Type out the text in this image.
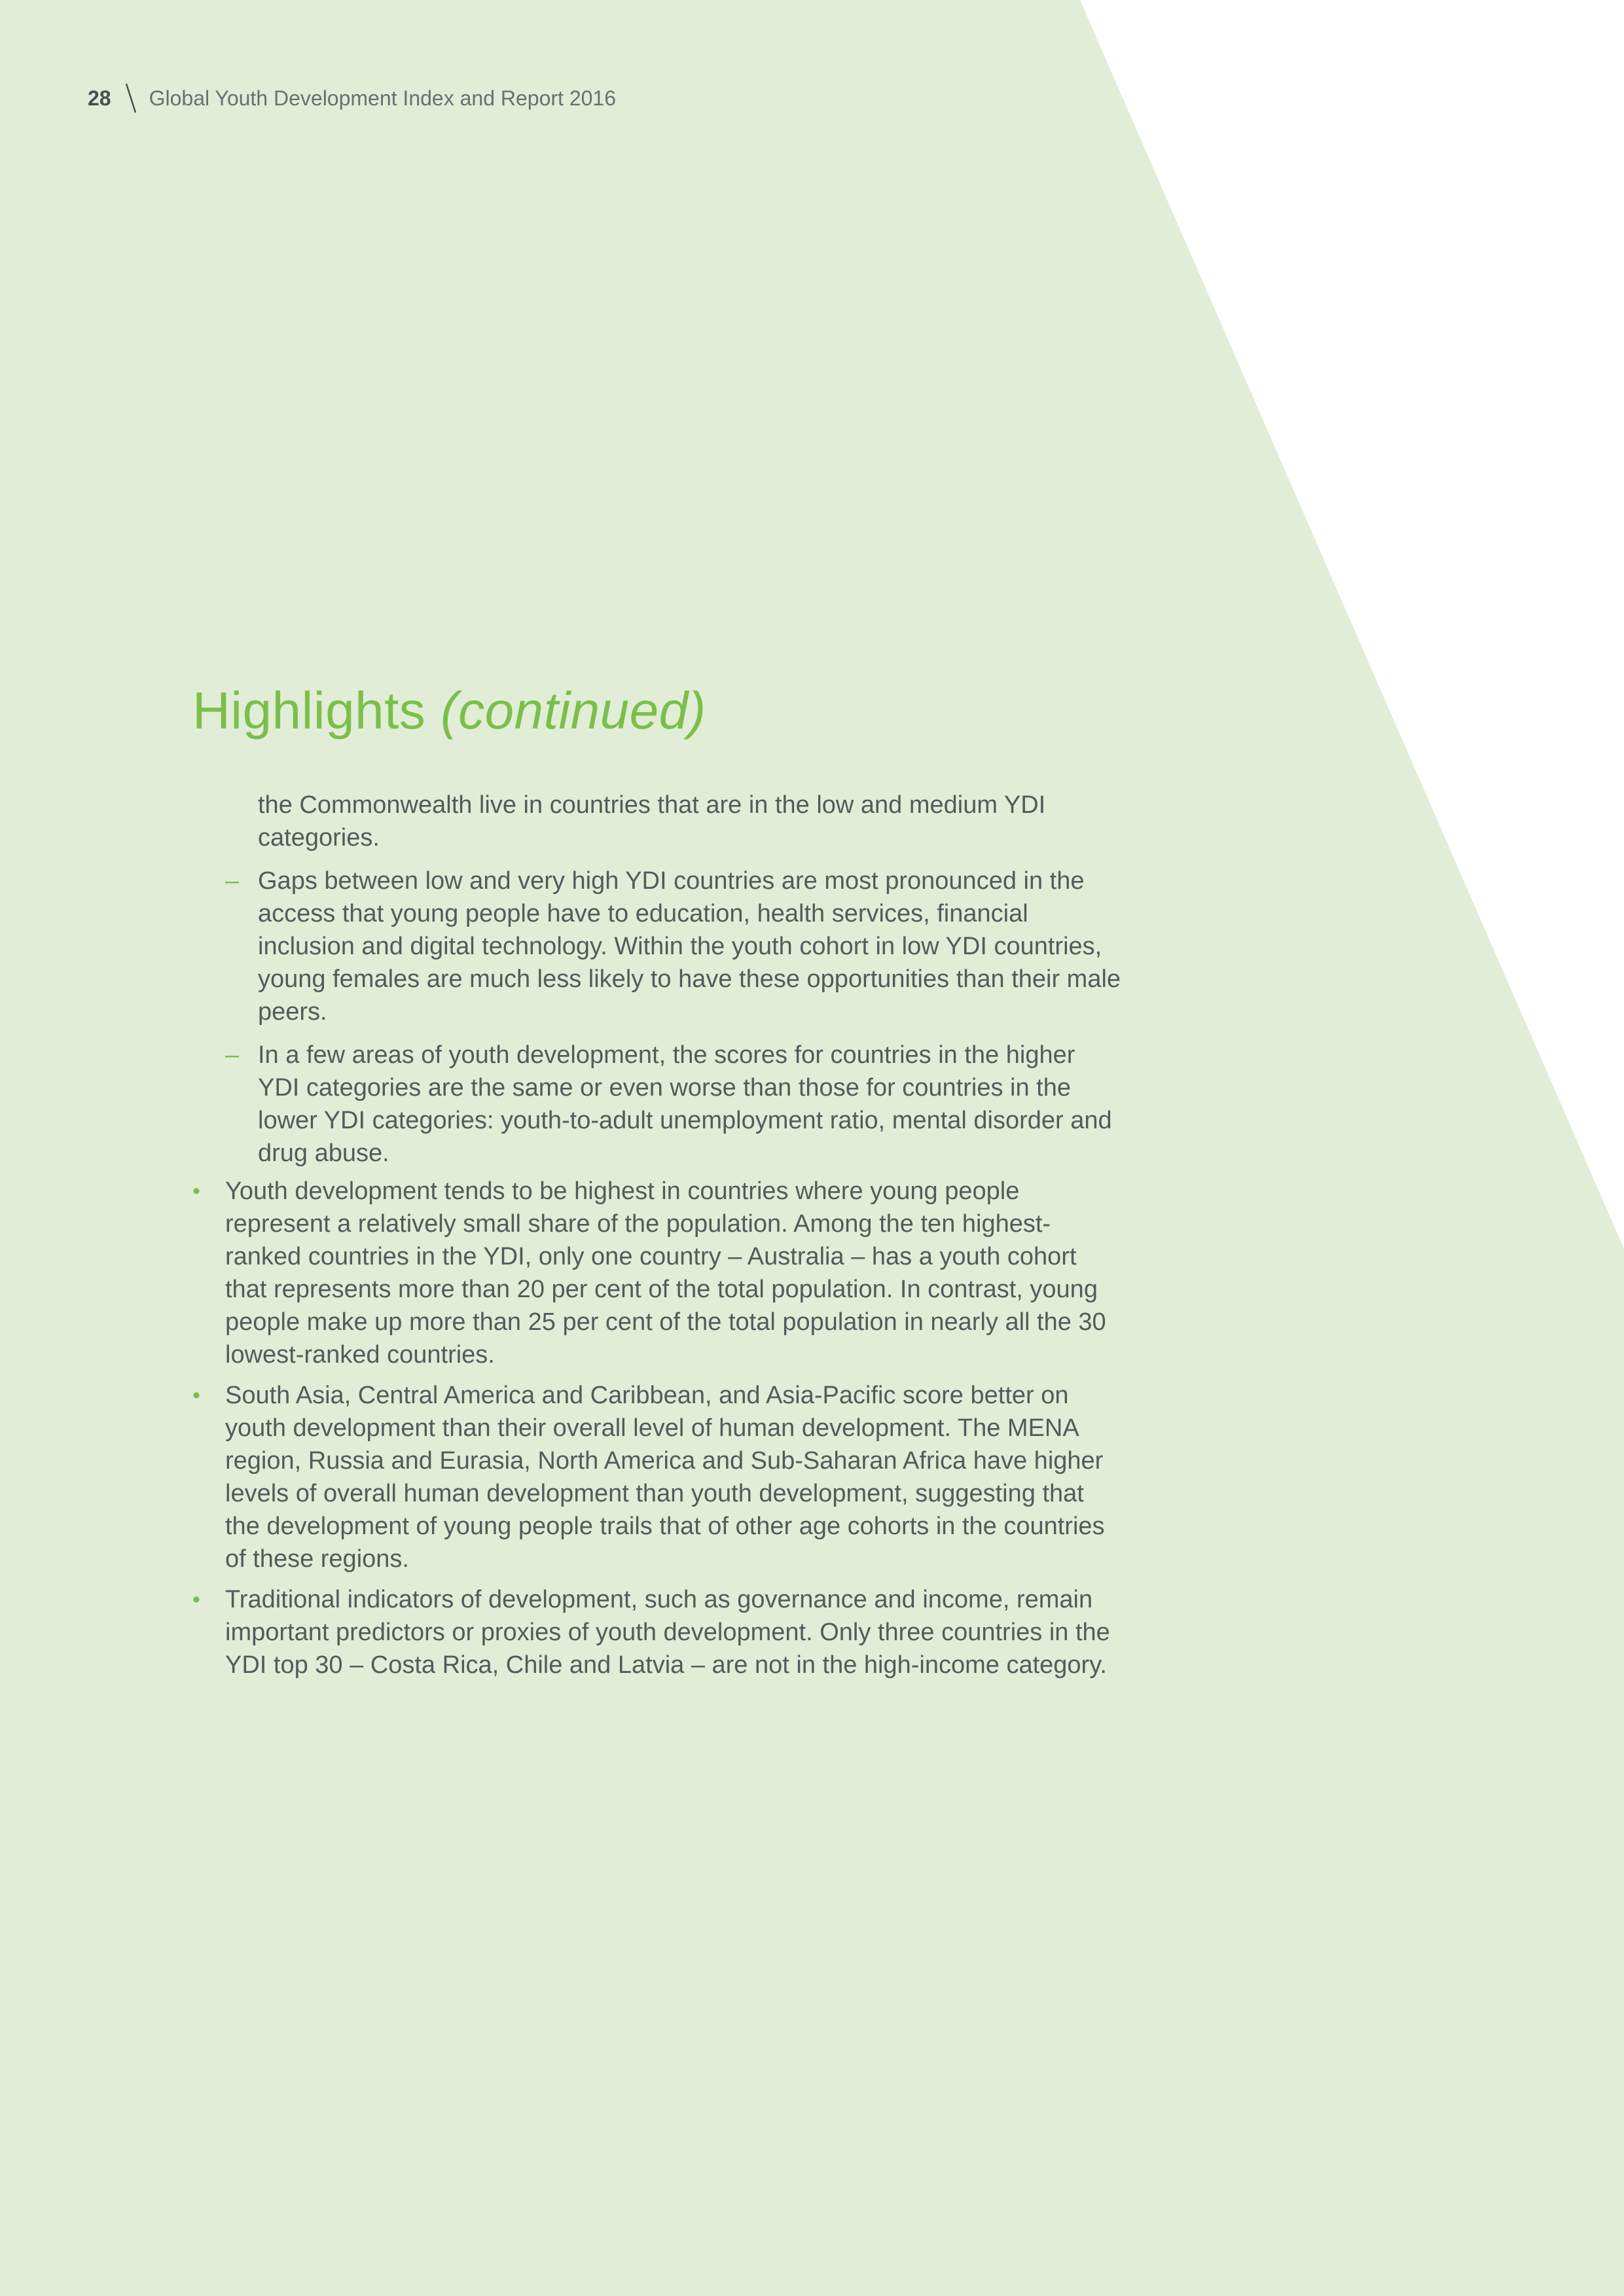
28 Global Youth Development Index and Report 2016
Highlights (continued)

the Commonwealth live in countries that are in the low and medium YDI categories.

– Gaps between low and very high YDI countries are most pronounced in the access that young people have to education, health services, financial inclusion and digital technology. Within the youth cohort in low YDI countries, young females are much less likely to have these opportunities than their male peers.
– In a few areas of youth development, the scores for countries in the higher YDI categories are the same or even worse than those for countries in the lower YDI categories: youth-to-adult unemployment ratio, mental disorder and drug abuse.
• Youth development tends to be highest in countries where young people represent a relatively small share of the population. Among the ten highest-ranked countries in the YDI, only one country – Australia – has a youth cohort that represents more than 20 per cent of the total population. In contrast, young people make up more than 25 per cent of the total population in nearly all the 30 lowest-ranked countries.
• South Asia, Central America and Caribbean, and Asia-Pacific score better on youth development than their overall level of human development. The MENA region, Russia and Eurasia, North America and Sub-Saharan Africa have higher levels of overall human development than youth development, suggesting that the development of young people trails that of other age cohorts in the countries of these regions.
• Traditional indicators of development, such as governance and income, remain important predictors or proxies of youth development. Only three countries in the YDI top 30 – Costa Rica, Chile and Latvia – are not in the high-income category.
